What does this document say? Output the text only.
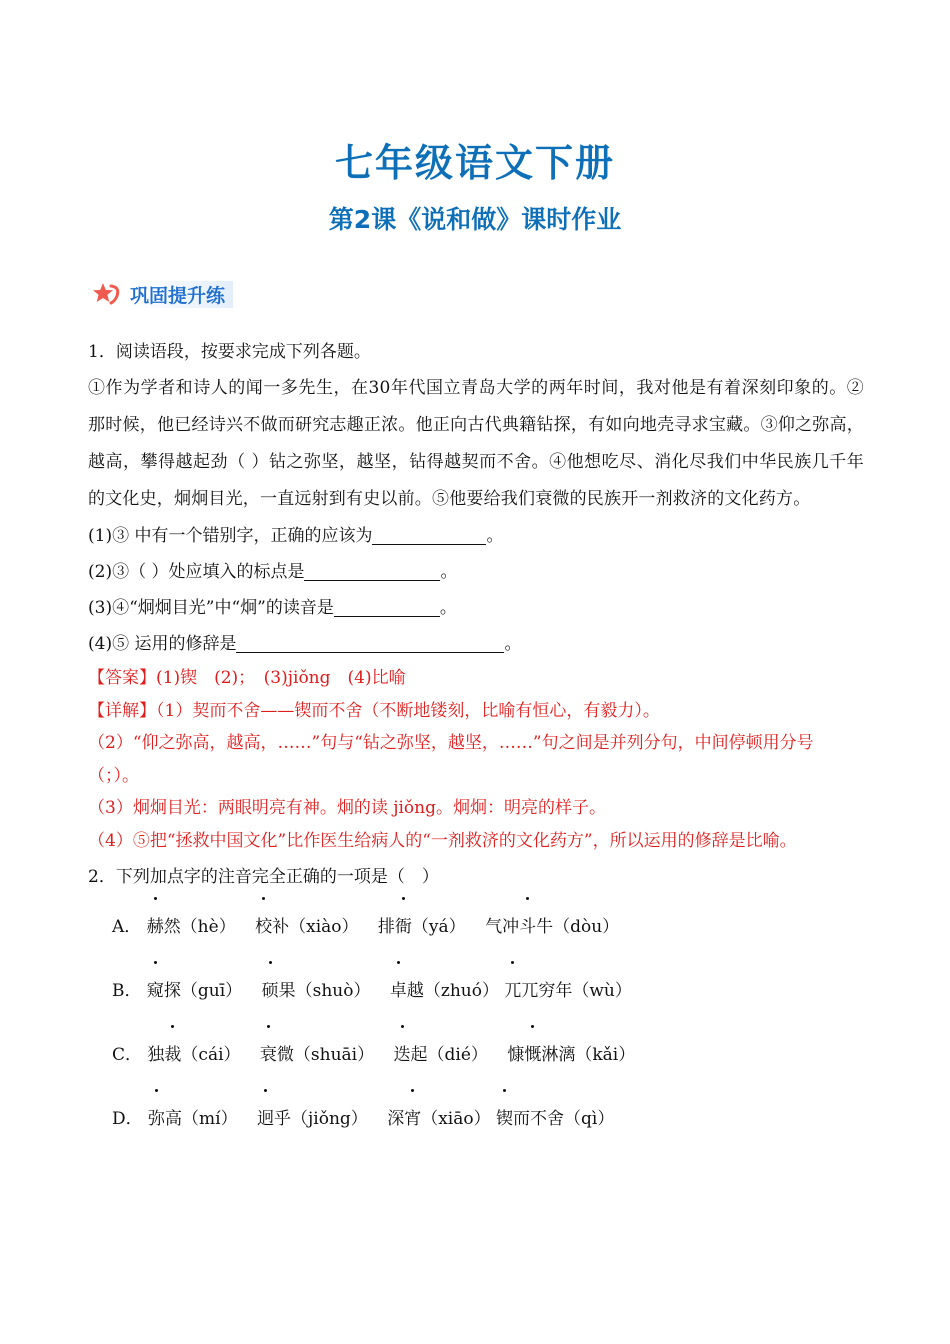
七年级语文下册
第2课《说和做》课时作业
巩固提升练
1．阅读语段，按要求完成下列各题。
①作为学者和诗人的闻一多先生，在30年代国立青岛大学的两年时间，我对他是有着深刻印象的。②那时候，他已经诗兴不做而研究志趣正浓。他正向古代典籍钻探，有如向地壳寻求宝藏。③仰之弥高，越高，攀得越起劲（ ）钻之弥坚，越坚，钻得越契而不舍。④他想吃尽、消化尽我们中华民族几千年的文化史，炯炯目光，一直远射到有史以前。⑤他要给我们衰微的民族开一剂救济的文化药方。
(1)③ 中有一个错别字，正确的应该为	。
(2)③（ ）处应填入的标点是	。
(3)④“炯炯目光”中“炯”的读音是	。
(4)⑤ 运用的修辞是	。
【答案】(1)锲　(2)；　(3)jiǒng　(4)比喻
【详解】（1）契而不舍——锲而不舍（不断地镂刻，比喻有恒心，有毅力）。
（2）“仰之弥高，越高，……”句与“钻之弥坚，越坚，……”句之间是并列分句，中间停顿用分号（；）。
（3）炯炯目光：两眼明亮有神。炯的读 jiǒng。炯炯：明亮的样子。
（4）⑤把“拯救中国文化”比作医生给病人的“一剂救济的文化药方”，所以运用的修辞是比喻。
2．下列加点字的注音完全正确的一项是（　）
A． 赫然（hè） 校补（xiào） 排衙（yá） 气冲斗牛（dòu）
B． 窥探（guī） 硕果（shuò） 卓越（zhuó） 兀兀穷年（wù）
C． 独裁（cái） 衰微（shuāi） 迭起（dié） 慷慨淋漓（kǎi）
D． 弥高（mí） 迥乎（jiǒng） 深宵（xiāo） 锲而不舍（qì）
